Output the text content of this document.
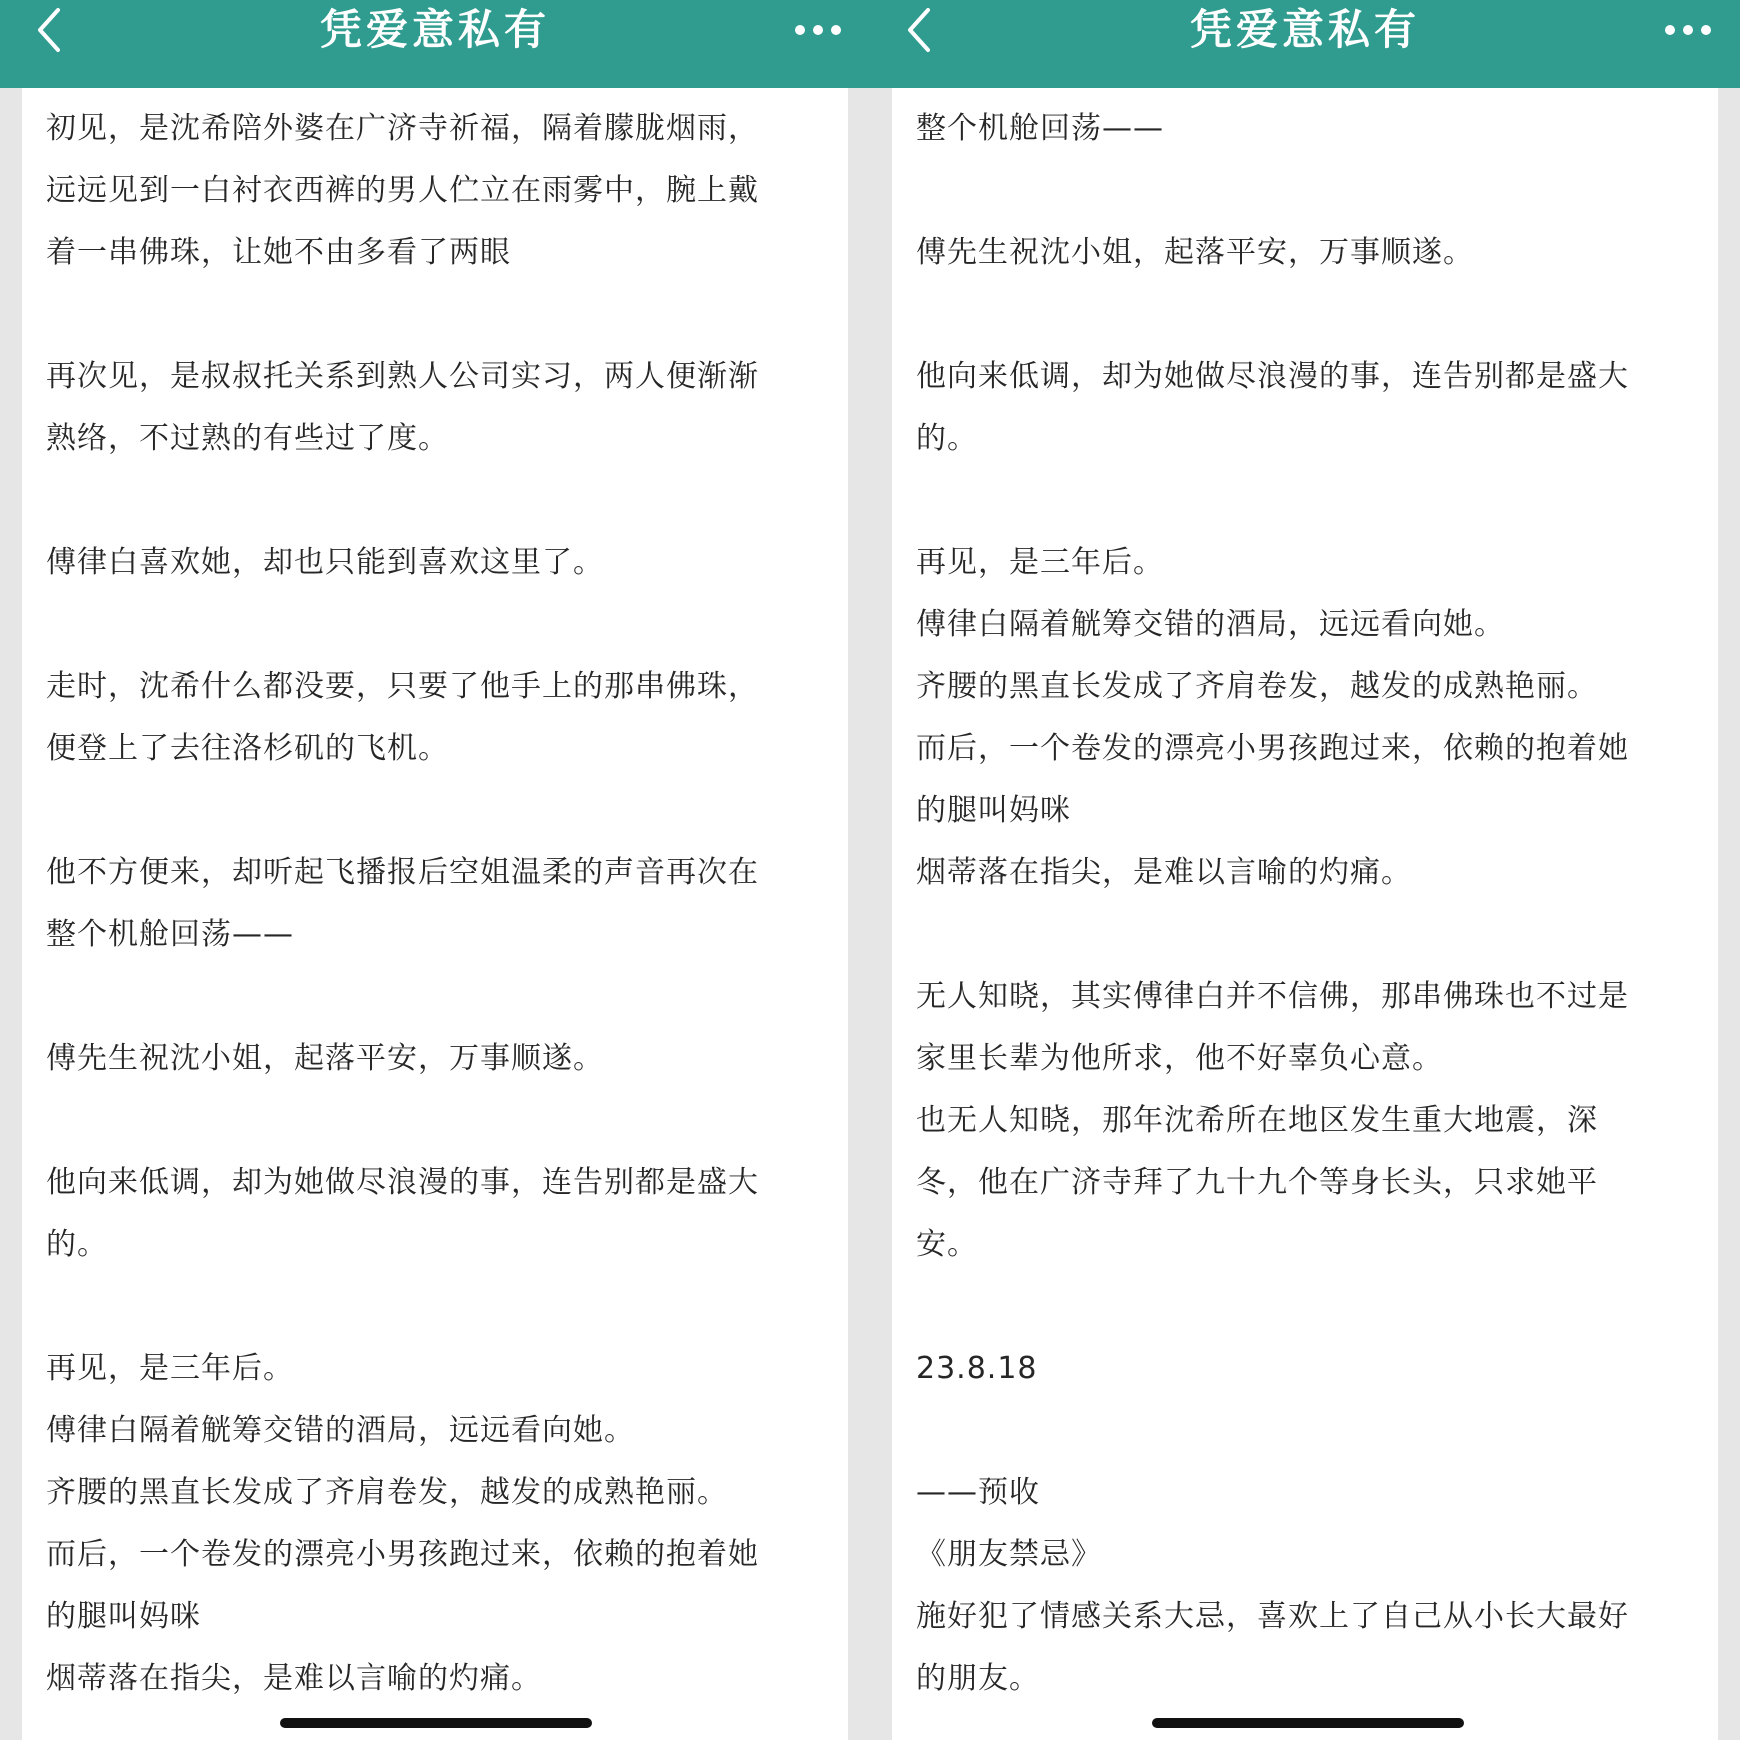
凭爱意私有

初见，是沈希陪外婆在广济寺祈福，隔着朦胧烟雨，

远远见到一白衬衣西裤的男人伫立在雨雾中，腕上戴

着一串佛珠，让她不由多看了两眼

再次见，是叔叔托关系到熟人公司实习，两人便渐渐

熟络，不过熟的有些过了度。

傅律白喜欢她，却也只能到喜欢这里了。

走时，沈希什么都没要，只要了他手上的那串佛珠，

便登上了去往洛杉矶的飞机。

他不方便来，却听起飞播报后空姐温柔的声音再次在

整个机舱回荡——

傅先生祝沈小姐，起落平安，万事顺遂。

他向来低调，却为她做尽浪漫的事，连告别都是盛大

的。

再见，是三年后。

傅律白隔着觥筹交错的酒局，远远看向她。

齐腰的黑直长发成了齐肩卷发，越发的成熟艳丽。

而后，一个卷发的漂亮小男孩跑过来，依赖的抱着她

的腿叫妈咪

烟蒂落在指尖，是难以言喻的灼痛。

凭爱意私有

整个机舱回荡——

傅先生祝沈小姐，起落平安，万事顺遂。

他向来低调，却为她做尽浪漫的事，连告别都是盛大

的。

再见，是三年后。

傅律白隔着觥筹交错的酒局，远远看向她。

齐腰的黑直长发成了齐肩卷发，越发的成熟艳丽。

而后，一个卷发的漂亮小男孩跑过来，依赖的抱着她

的腿叫妈咪

烟蒂落在指尖，是难以言喻的灼痛。

无人知晓，其实傅律白并不信佛，那串佛珠也不过是

家里长辈为他所求，他不好辜负心意。

也无人知晓，那年沈希所在地区发生重大地震，深

冬，他在广济寺拜了九十九个等身长头，只求她平

安。

23.8.18

——预收

《朋友禁忌》

施好犯了情感关系大忌，喜欢上了自己从小长大最好

的朋友。
